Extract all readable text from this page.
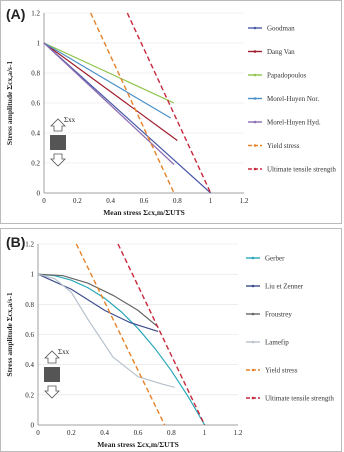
(A)
0
0.2
0.4
0.6
0.8
1
1.2
0	0.2	0.4	0.6	0.8	1	1.2
Mean stress Σcx,m/ΣUTS
Stress amplitude Σcx,a/s-1	Σxx
Goodman
Dang Van
Papadopoulos
Morel-Huyen Nor.
Morel-Huyen Hyd.
Yield stress
Ultimate tensile strength
(B)
0
0.2
0.4
0.6
0.8
1
1.2
0	0.2	0.4	0.6	0.8	1	1.2
Mean stress Σcx,m/ΣUTS
Stress amplitude Σcx,a/s-1	Σxx
Gerber
Liu et Zenner
Froustrey
Lamefip
Yield stress
Ultimate tensile strength
